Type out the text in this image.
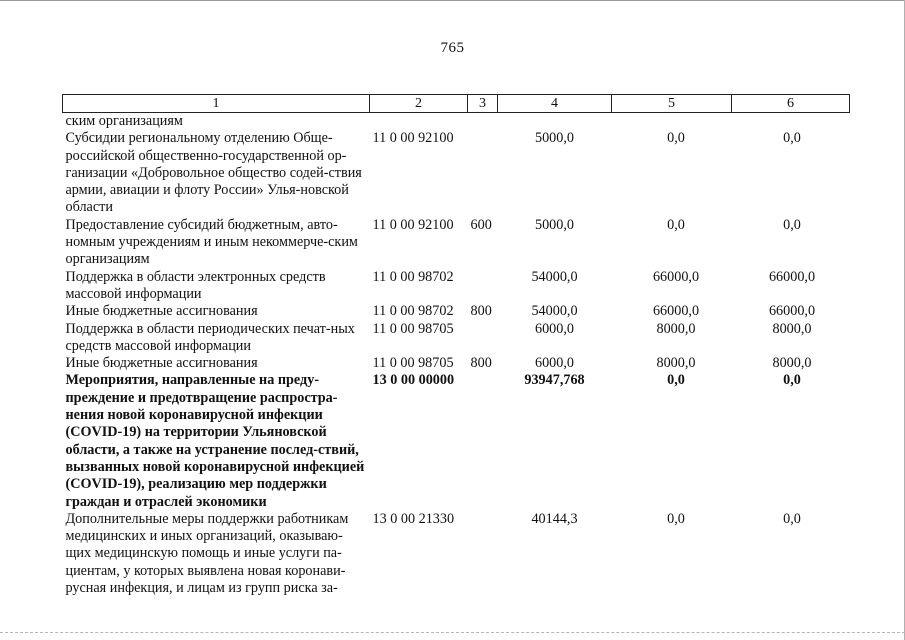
765
1	2	3	4	5	6
ским организациям					
Субсидии региональному отделению Обще-российской общественно-государственной ор-ганизации «Добровольное общество содей-ствия армии, авиации и флоту России» Улья-новской области	11 0 00 92100		5000,0	0,0	0,0
Предоставление субсидий бюджетным, авто-номным учреждениям и иным некоммерче-ским организациям	11 0 00 92100	600	5000,0	0,0	0,0
Поддержка в области электронных средств массовой информации	11 0 00 98702		54000,0	66000,0	66000,0
Иные бюджетные ассигнования	11 0 00 98702	800	54000,0	66000,0	66000,0
Поддержка в области периодических печат-ных средств массовой информации	11 0 00 98705		6000,0	8000,0	8000,0
Иные бюджетные ассигнования	11 0 00 98705	800	6000,0	8000,0	8000,0
Мероприятия, направленные на преду-преждение и предотвращение распростра-нения новой коронавирусной инфекции (COVID-19) на территории Ульяновской области, а также на устранение послед-ствий, вызванных новой коронавирусной инфекцией (COVID-19), реализацию мер поддержки граждан и отраслей экономики	13 0 00 00000		93947,768	0,0	0,0
Дополнительные меры поддержки работникам медицинских и иных организаций, оказываю-щих медицинскую помощь и иные услуги па-циентам, у которых выявлена новая коронави-русная инфекция, и лицам из групп риска за-	13 0 00 21330		40144,3	0,0	0,0
